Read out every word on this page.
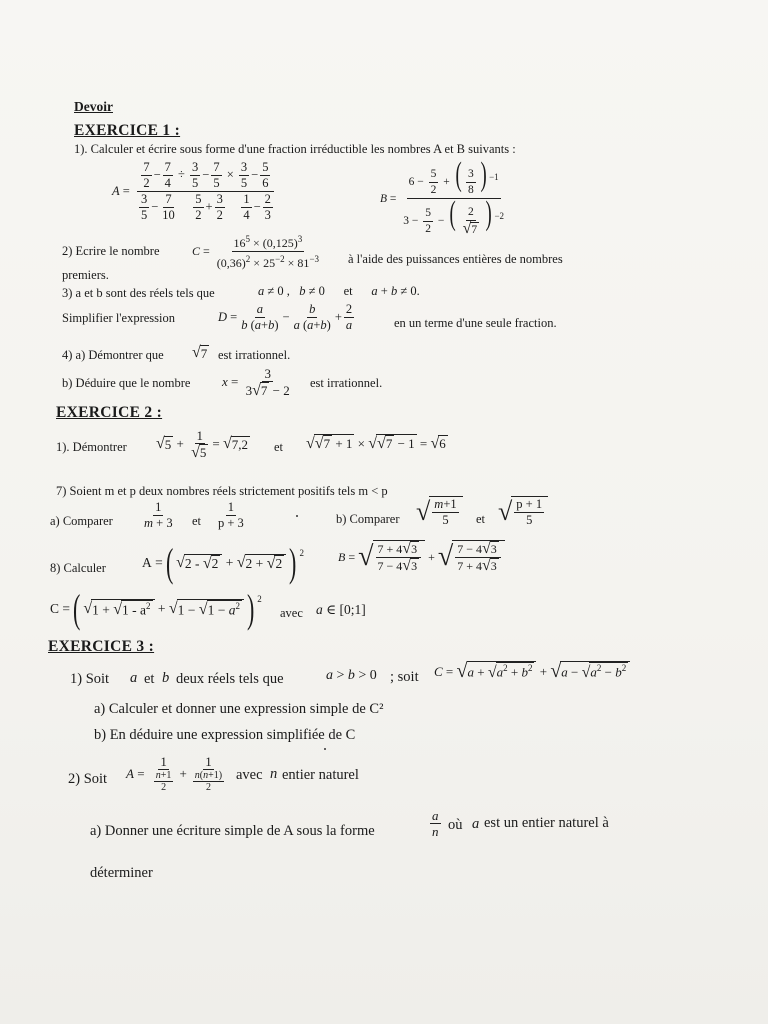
Devoir
EXERCICE 1 :
1). Calculer et écrire sous forme d'une fraction irréductible les nombres A et B suivants :
$A = \frac{7}{2} - \frac{7}{4} \div \frac{3}{5} - \frac{7}{5} \times \frac{3}{5} - \frac{5}{6}$
$\frac{3}{5} - \frac{7}{10}$
$\frac{5}{2} + \frac{3}{2}$
$\frac{1}{4} - \frac{2}{3}$	B =
$6 - \frac{5}{2}$ + ( $\frac{3}{8}$ ) $^{-1}$
$3 - \frac{5}{2}$ − ( $\frac{2}{√7}$ ) $^{-2}$
2) Ecrire le nombre	C =
$16^5 \times (0,125)^3$
$(0,36)^2 \times 25^{-2} \times 81^{-3}$ à l'aide des puissances entières de nombres
premiers.
3) a et b sont des réels tels que	a ≠ 0 , b ≠ 0      et a + b ≠ 0.
Simplifier l'expression	D =
a
b (a+b)
−
b
a (a+b)
+
2
a	en un terme d'une seule fraction.
4) a) Démontrer que √ 7 est irrationnel.
b) Déduire que le nombre x =
3
3√7 − 2 est irrationnel.
EXERCICE 2 :
1). Démontrer √ 5 +
1
√5
= √ 7,2 et √ √7 + 1 × √ √7 − 1 = √ 6
7) Soient m et p deux nombres réels strictement positifs tels m < p
a) Comparer
1
m + 3 et
1
p + 3	b) Comparer √ $\frac{m+1}{5}$ et √ $\frac{p + 1}{5}$
8) Calculer	A = ( √ 2 - √2 + √ 2 + √2 ) $^2$	B = √ $\frac{7 + 4√3}{7 - 4√3}$ + √ $\frac{7 - 4√3}{7 + 4√3}$
C = ( √ $1 + √1 - a^2$ + √ $1 - √1 - a^2$ ) $^2$
avec a ∈ [0;1]
EXERCICE 3 :
1) Soit a et b deux réels tels que	a > b > 0 ; soit C = √ $a + √a^2 + b^2$ + √ $a - √a^2 - b^2$
a) Calculer et donner une expression simple de C²
b) En déduire une expression simplifiée de C
2) Soit A =
1
$\frac{n+1}{2}$ +
1
$\frac{n(n+1)}{2}$ avec n entier naturel
a) Donner une écriture simple de A sous la forme
a
n où a est un entier naturel à
déterminer
